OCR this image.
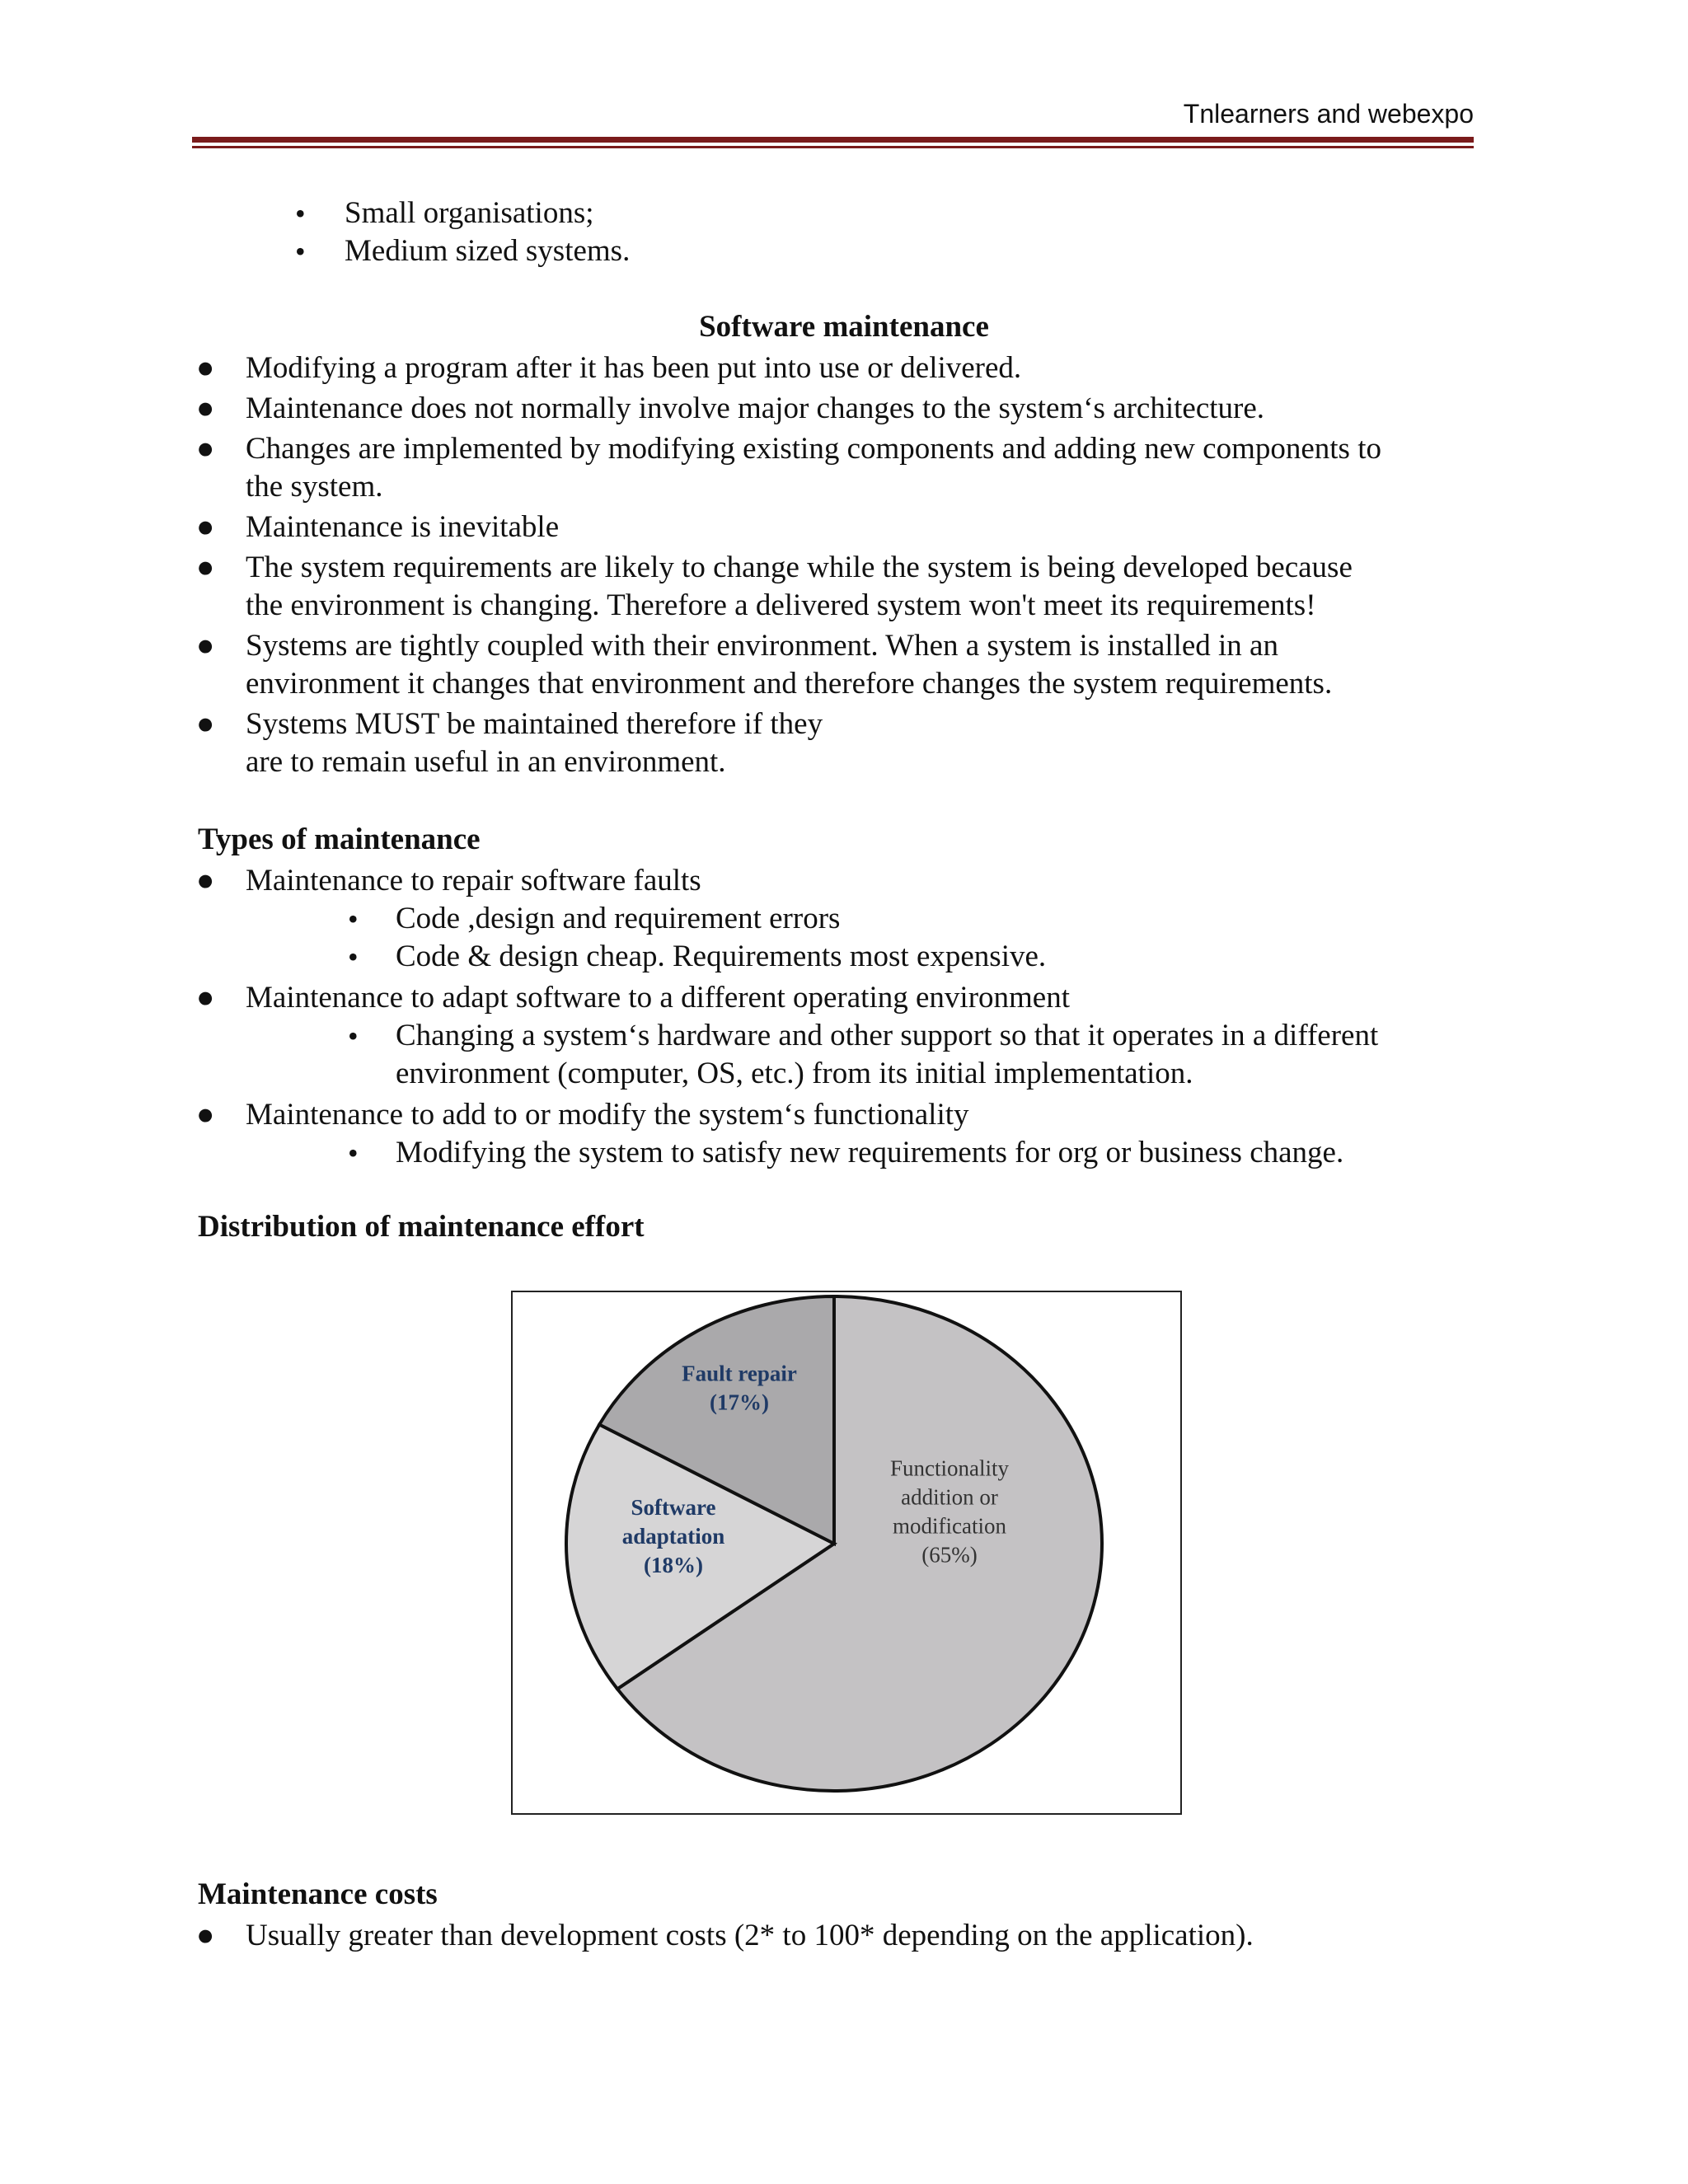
Tnlearners and webexpo
• Small organisations;
• Medium sized systems.
Software maintenance
● Modifying a program after it has been put into use or delivered.
● Maintenance does not normally involve major changes to the system‘s architecture.
● Changes are implemented by modifying existing components and adding new components to
the system.
● Maintenance is inevitable
● The system requirements are likely to change while the system is being developed because
the environment is changing. Therefore a delivered system won't meet its requirements!
● Systems are tightly coupled with their environment. When a system is installed in an
environment it changes that environment and therefore changes the system requirements.
● Systems MUST be maintained therefore if they
are to remain useful in an environment.
Types of maintenance
● Maintenance to repair software faults
• Code ,design and requirement errors
• Code & design cheap. Requirements most expensive.
● Maintenance to adapt software to a different operating environment
• Changing a system‘s hardware and other support so that it operates in a different
environment (computer, OS, etc.) from its initial implementation.
● Maintenance to add to or modify the system‘s functionality
• Modifying the system to satisfy new requirements for org or business change.
Distribution of maintenance effort
Functionality
addition or
modification
(65%)
Software
adaptation
(18%)
Fault repair
(17%)
Maintenance costs
● Usually greater than development costs (2* to 100* depending on the application).
